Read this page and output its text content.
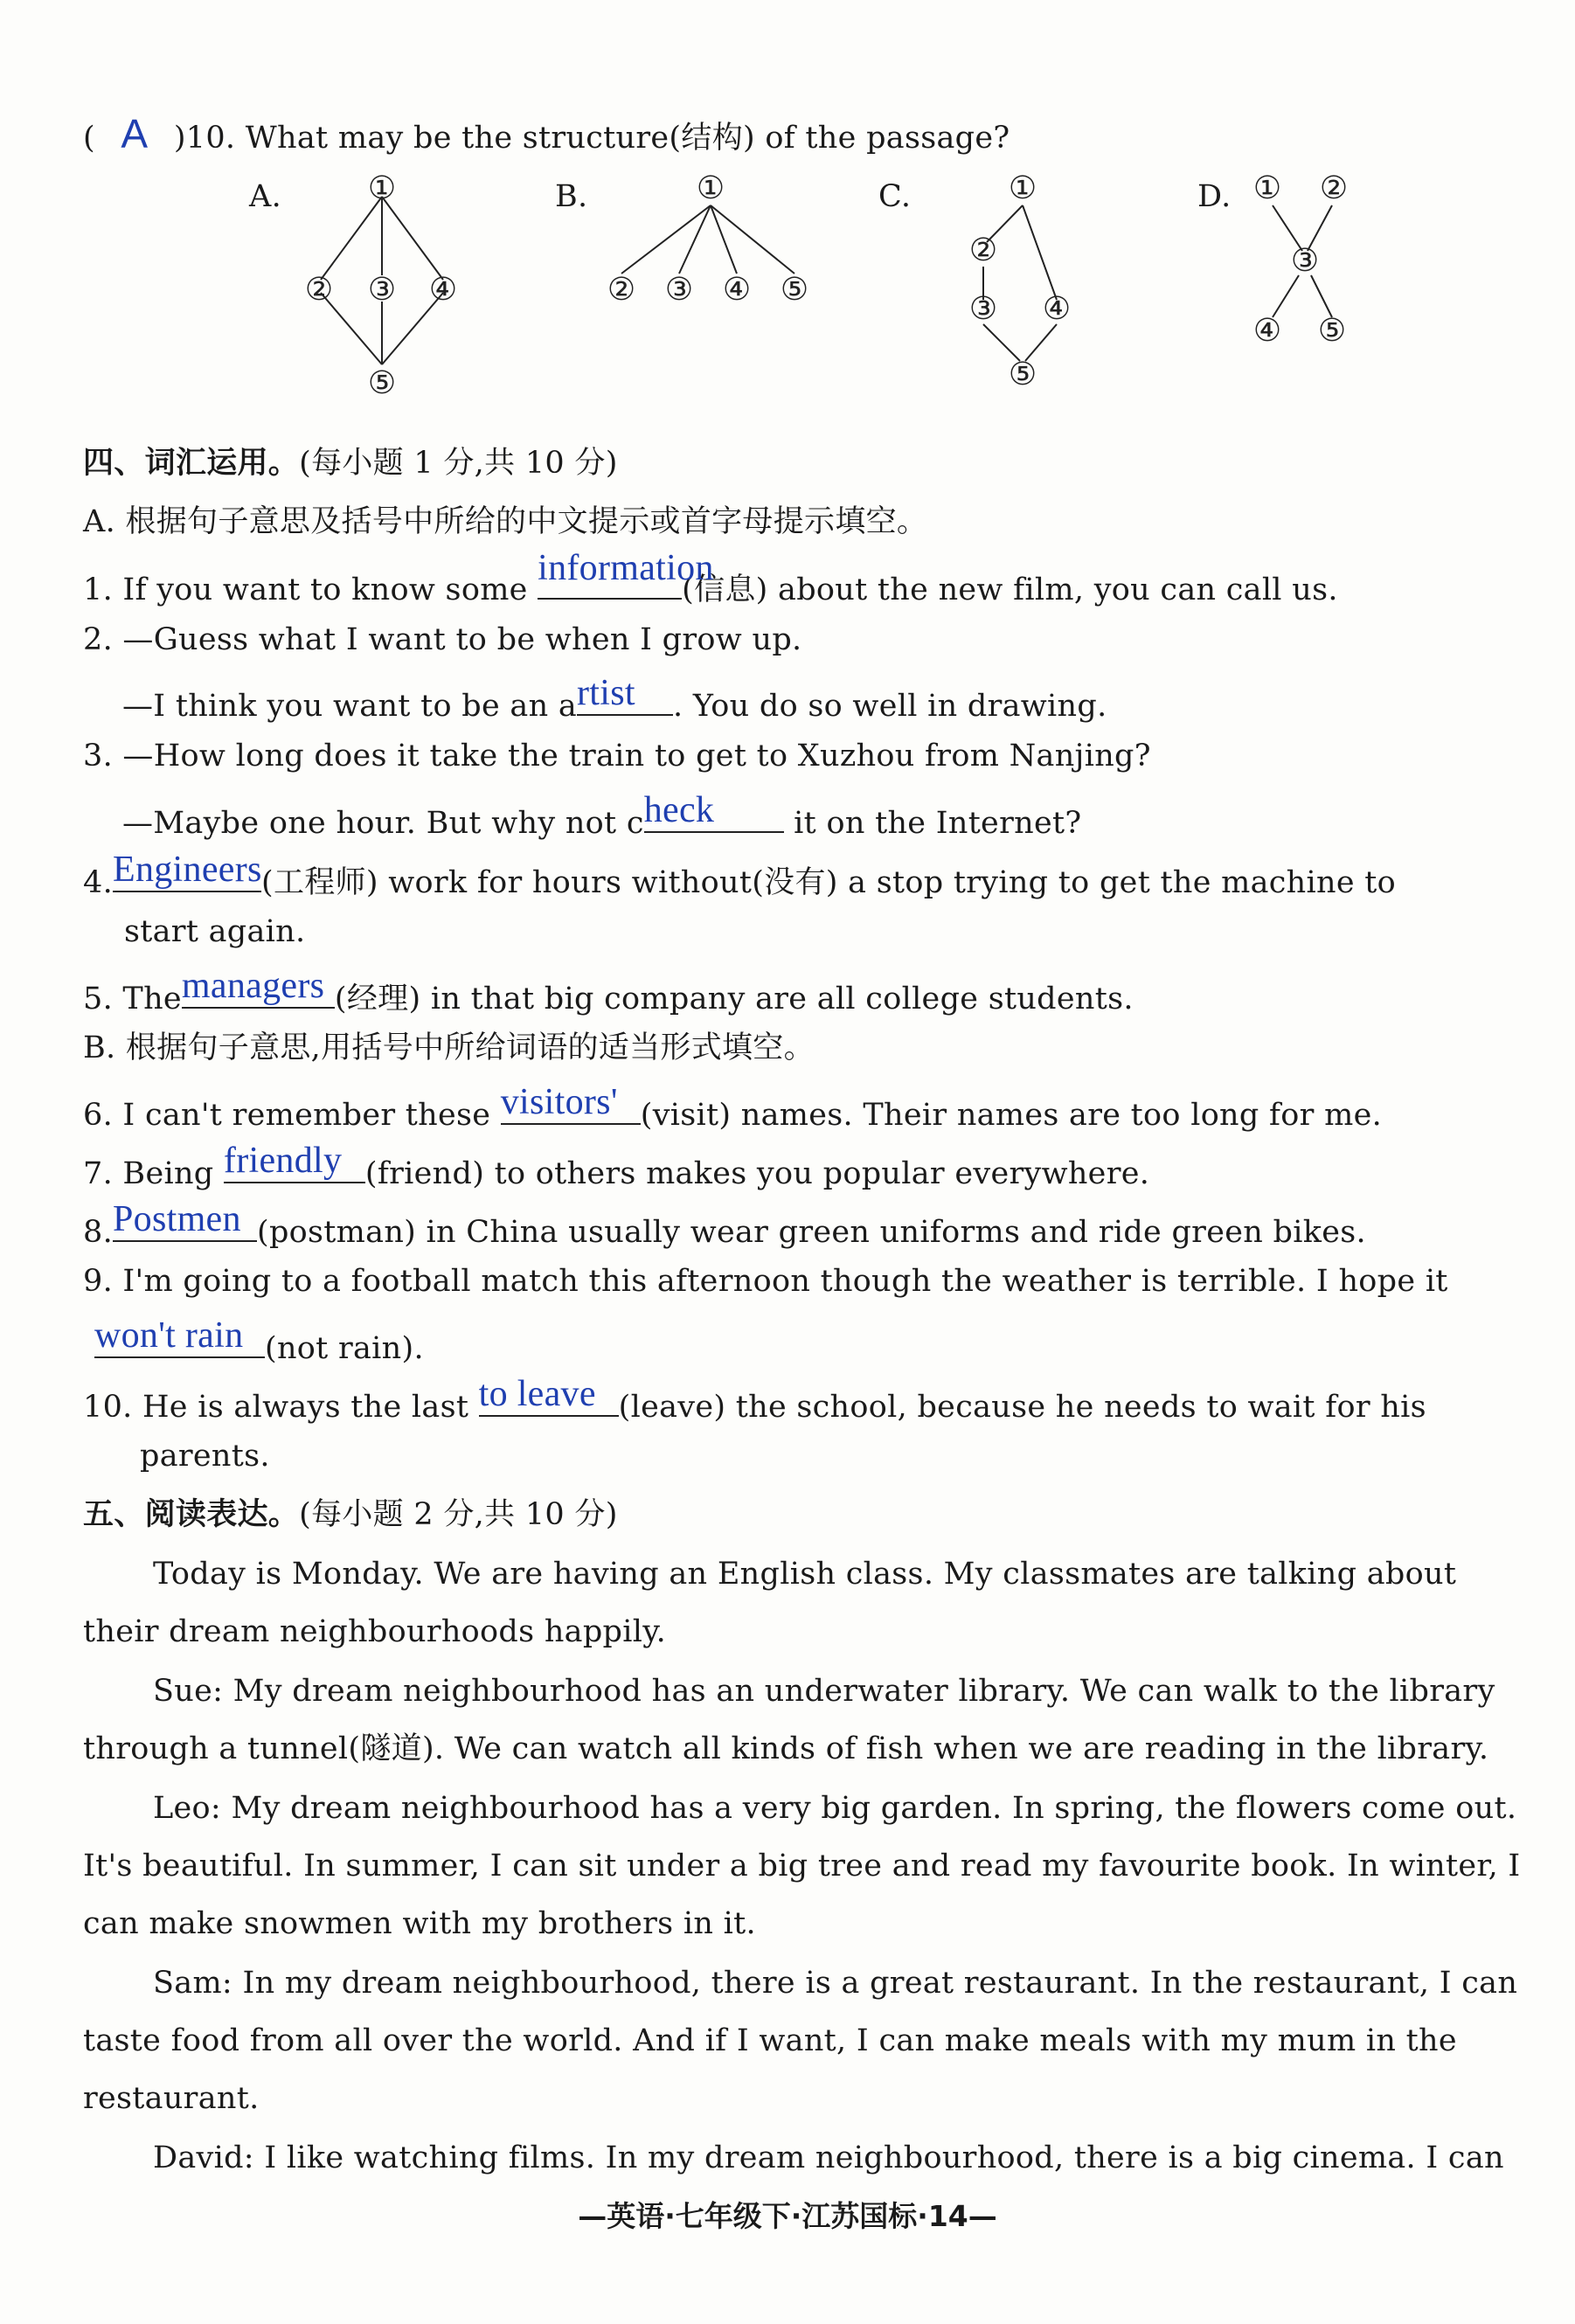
( A )10. What may be the structure(结构) of the passage?
A.	①
② ③ ④
⑤
B.	①
② ③ ④ ⑤
C.	①
②
③ ④
⑤
D. ① ②
③
④ ⑤
四、词汇运用。(每小题 1 分,共 10 分)
A. 根据句子意思及括号中所给的中文提示或首字母提示填空。
1. If you want to know some
information
(信息) about the new film, you can call us.
2. —Guess what I want to be when I grow up.
—I think you want to be an a rtist . You do so well in drawing.
3. —How long does it take the train to get to Xuzhou from Nanjing?
—Maybe one hour. But why not c heck it on the Internet?
4. Engineers (工程师) work for hours without(没有) a stop trying to get the machine to
start again.
5. The managers (经理) in that big company are all college students.
B. 根据句子意思,用括号中所给词语的适当形式填空。
6. I can't remember these visitors' (visit) names. Their names are too long for me.
7. Being friendly (friend) to others makes you popular everywhere.
8. Postmen (postman) in China usually wear green uniforms and ride green bikes.
9. I'm going to a football match this afternoon though the weather is terrible. I hope it
won't rain (not rain).
10. He is always the last to leave (leave) the school, because he needs to wait for his
parents.
五、阅读表达。(每小题 2 分,共 10 分)
Today is Monday. We are having an English class. My classmates are talking about
their dream neighbourhoods happily.
Sue: My dream neighbourhood has an underwater library. We can walk to the library
through a tunnel(隧道). We can watch all kinds of fish when we are reading in the library.
Leo: My dream neighbourhood has a very big garden. In spring, the flowers come out.
It's beautiful. In summer, I can sit under a big tree and read my favourite book. In winter, I
can make snowmen with my brothers in it.
Sam: In my dream neighbourhood, there is a great restaurant. In the restaurant, I can
taste food from all over the world. And if I want, I can make meals with my mum in the
restaurant.
David: I like watching films. In my dream neighbourhood, there is a big cinema. I can
—英语·七年级下·江苏国标·14—
